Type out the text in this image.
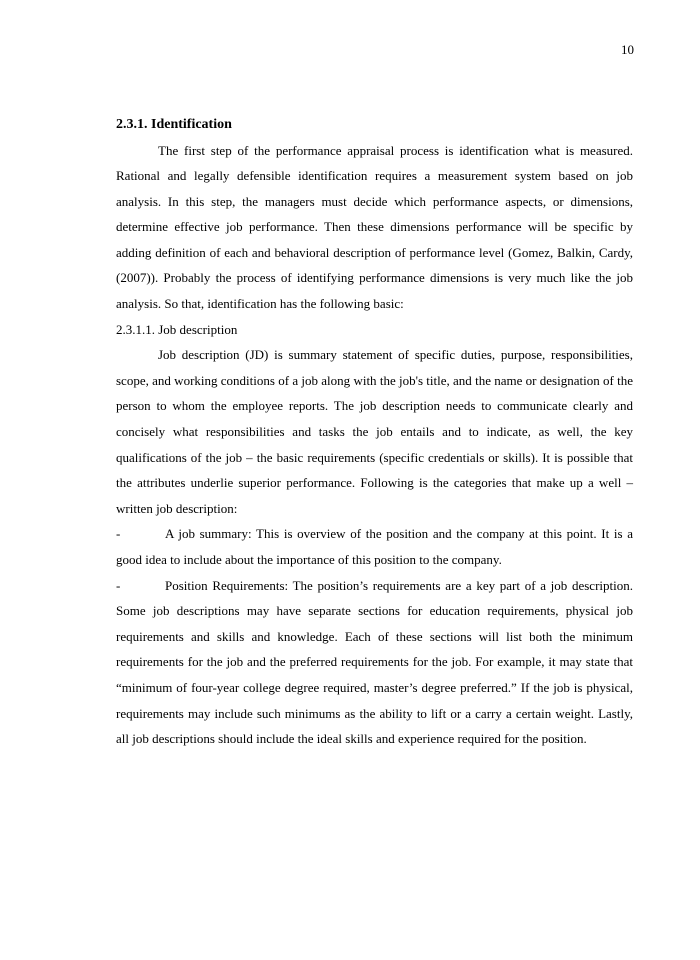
10
2.3.1. Identification

The first step of the performance appraisal process is identification what is measured. Rational and legally defensible identification requires a measurement system based on job analysis. In this step, the managers must decide which performance aspects, or dimensions, determine effective job performance. Then these dimensions performance will be specific by adding definition of each and behavioral description of performance level (Gomez, Balkin, Cardy, (2007)). Probably the process of identifying performance dimensions is very much like the job analysis. So that, identification has the following basic:

2.3.1.1. Job description

Job description (JD) is summary statement of specific duties, purpose, responsibilities, scope, and working conditions of a job along with the job's title, and the name or designation of the person to whom the employee reports. The job description needs to communicate clearly and concisely what responsibilities and tasks the job entails and to indicate, as well, the key qualifications of the job – the basic requirements (specific credentials or skills). It is possible that the attributes underlie superior performance. Following is the categories that make up a well –written job description:

-	A job summary: This is overview of the position and the company at this point. It is a good idea to include about the importance of this position to the company.

-	Position Requirements: The position’s requirements are a key part of a job description. Some job descriptions may have separate sections for education requirements, physical job requirements and skills and knowledge. Each of these sections will list both the minimum requirements for the job and the preferred requirements for the job. For example, it may state that “minimum of four-year college degree required, master’s degree preferred.” If the job is physical, requirements may include such minimums as the ability to lift or a carry a certain weight. Lastly, all job descriptions should include the ideal skills and experience required for the position.
